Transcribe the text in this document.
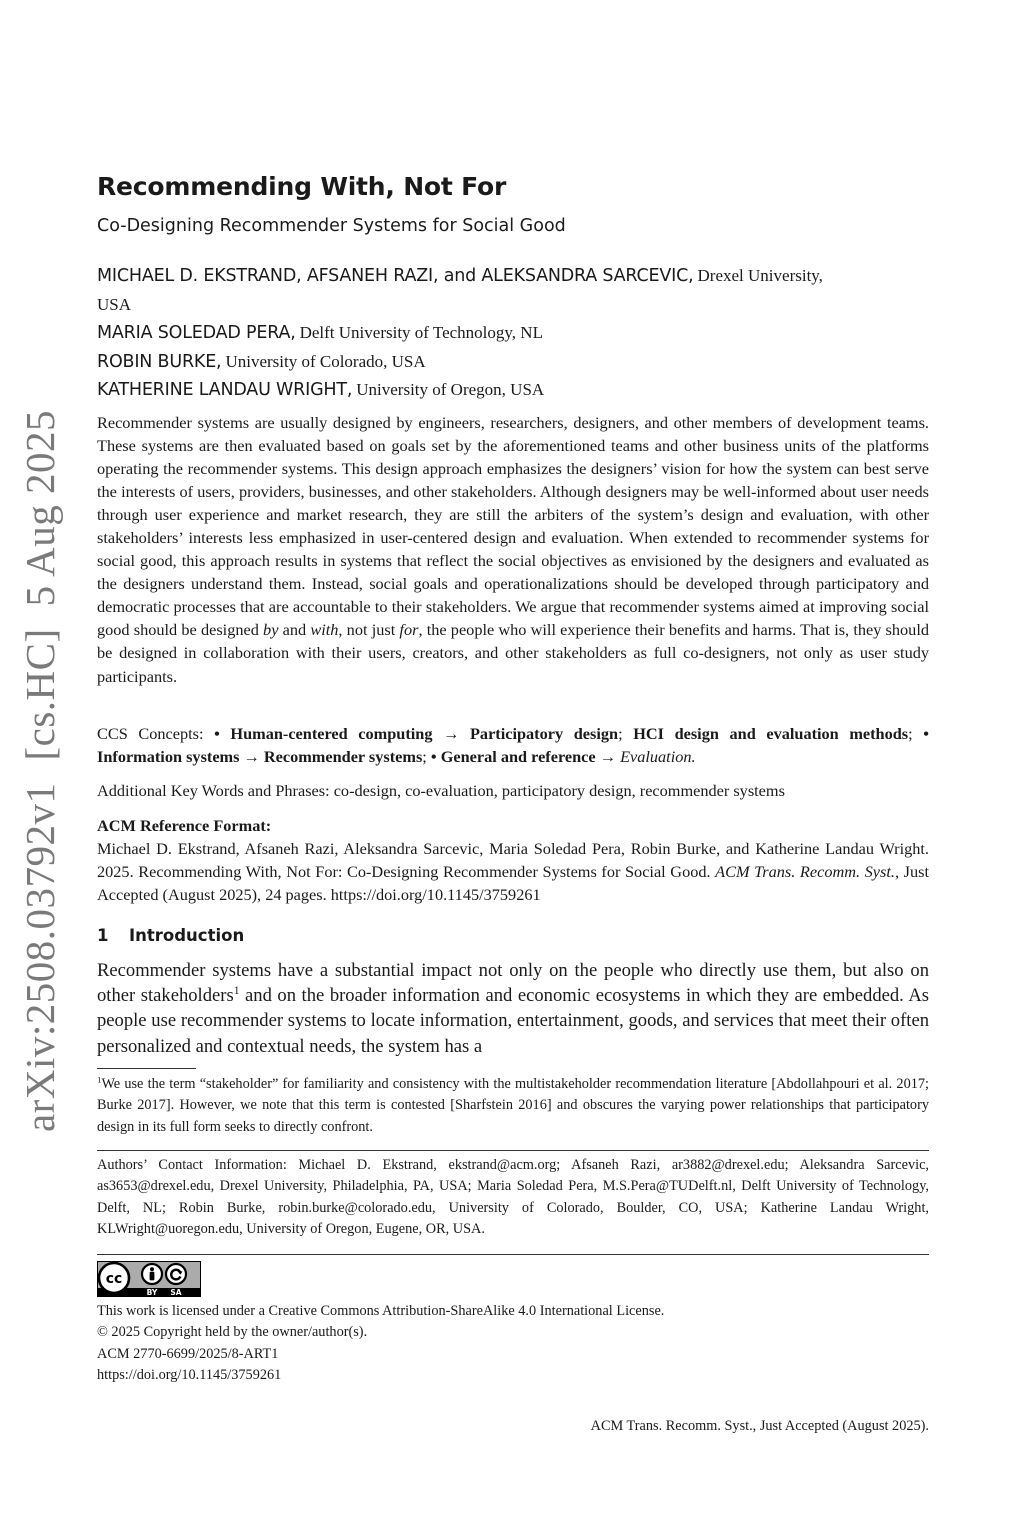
arXiv:2508.03792v1[cs.HC]5 Aug 2025
Recommending With, Not For
Co-Designing Recommender Systems for Social Good
MICHAEL D. EKSTRAND, AFSANEH RAZI, and ALEKSANDRA SARCEVIC, Drexel University,
USA
MARIA SOLEDAD PERA, Delft University of Technology, NL
ROBIN BURKE, University of Colorado, USA
KATHERINE LANDAU WRIGHT, University of Oregon, USA
Recommender systems are usually designed by engineers, researchers, designers, and other members of development teams. These systems are then evaluated based on goals set by the aforementioned teams and other business units of the platforms operating the recommender systems. This design approach emphasizes the designers’ vision for how the system can best serve the interests of users, providers, businesses, and other stakeholders. Although designers may be well-informed about user needs through user experience and market research, they are still the arbiters of the system’s design and evaluation, with other stakeholders’ interests less emphasized in user-centered design and evaluation. When extended to recommender systems for social good, this approach results in systems that reflect the social objectives as envisioned by the designers and evaluated as the designers understand them. Instead, social goals and operationalizations should be developed through participatory and democratic processes that are accountable to their stakeholders. We argue that recommender systems aimed at improving social good should be designed by and with, not just for, the people who will experience their benefits and harms. That is, they should be designed in collaboration with their users, creators, and other stakeholders as full co-designers, not only as user study participants.
CCS Concepts: • Human-centered computing → Participatory design; HCI design and evaluation methods; • Information systems → Recommender systems; • General and reference → Evaluation.
Additional Key Words and Phrases: co-design, co-evaluation, participatory design, recommender systems
ACM Reference Format:
Michael D. Ekstrand, Afsaneh Razi, Aleksandra Sarcevic, Maria Soledad Pera, Robin Burke, and Katherine Landau Wright. 2025. Recommending With, Not For: Co-Designing Recommender Systems for Social Good. ACM Trans. Recomm. Syst., Just Accepted (August 2025), 24 pages. https://doi.org/10.1145/3759261
1 Introduction
Recommender systems have a substantial impact not only on the people who directly use them, but also on other stakeholders$^1$ and on the broader information and economic ecosystems in which they are embedded. As people use recommender systems to locate information, entertainment, goods, and services that meet their often personalized and contextual needs, the system has a
$^1$We use the term “stakeholder” for familiarity and consistency with the multistakeholder recommendation literature [Abdollahpouri et al. 2017; Burke 2017]. However, we note that this term is contested [Sharfstein 2016] and obscures the varying power relationships that participatory design in its full form seeks to directly confront.
Authors’ Contact Information: Michael D. Ekstrand, ekstrand@acm.org; Afsaneh Razi, ar3882@drexel.edu; Aleksandra Sarcevic, as3653@drexel.edu, Drexel University, Philadelphia, PA, USA; Maria Soledad Pera, M.S.Pera@TUDelft.nl, Delft University of Technology, Delft, NL; Robin Burke, robin.burke@colorado.edu, University of Colorado, Boulder, CO, USA; Katherine Landau Wright, KLWright@uoregon.edu, University of Oregon, Eugene, OR, USA.
cc
BY SA
This work is licensed under a Creative Commons Attribution-ShareAlike 4.0 International License.
© 2025 Copyright held by the owner/author(s).
ACM 2770-6699/2025/8-ART1
https://doi.org/10.1145/3759261
ACM Trans. Recomm. Syst., Just Accepted (August 2025).
